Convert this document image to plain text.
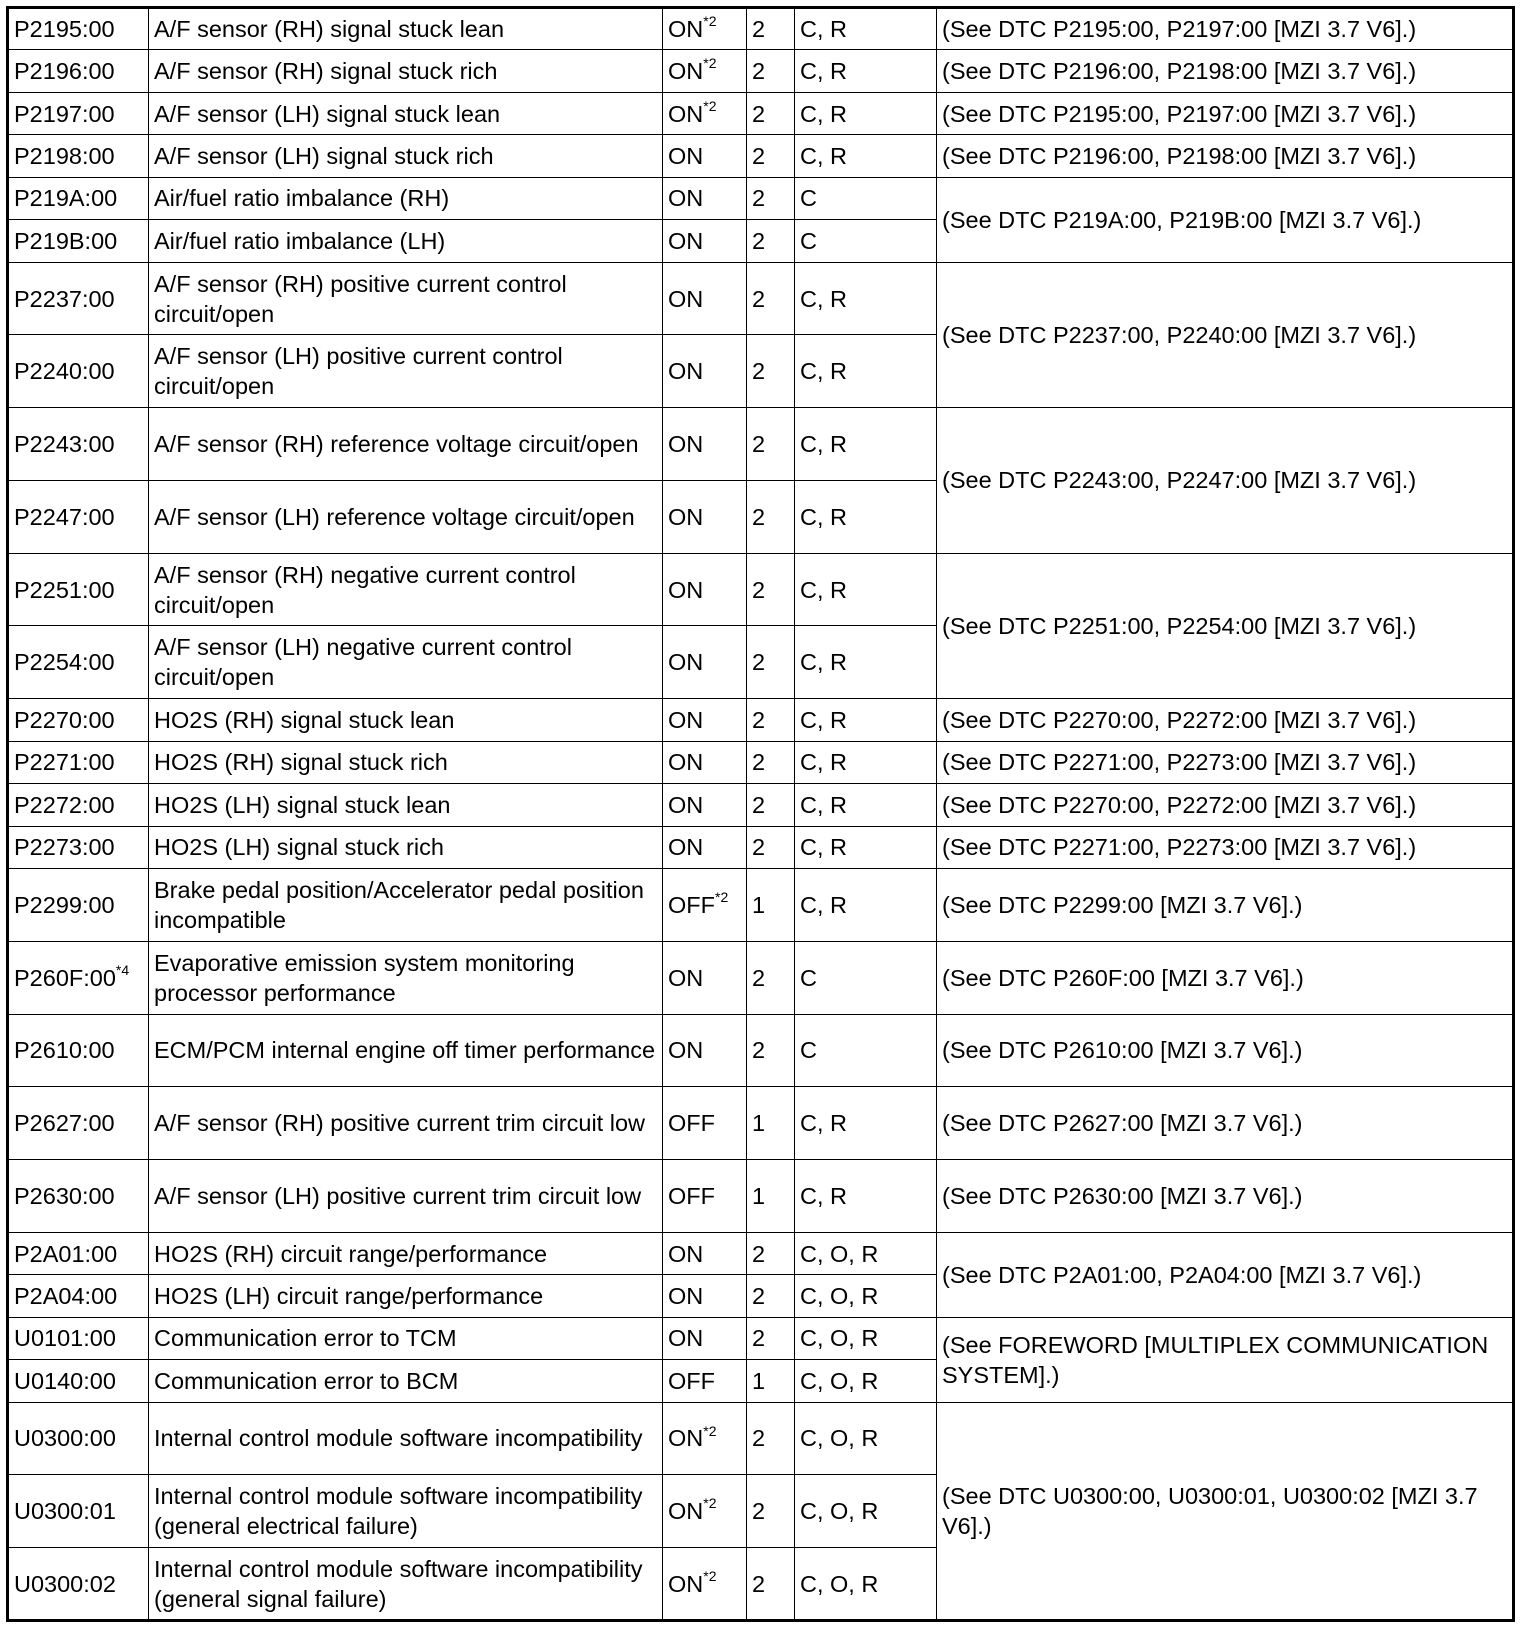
P2195:00	A/F sensor (RH) signal stuck lean	ON$^{*2}$	2	C, R	(See DTC P2195:00, P2197:00 [MZI 3.7 V6].)
P2196:00	A/F sensor (RH) signal stuck rich	ON$^{*2}$	2	C, R	(See DTC P2196:00, P2198:00 [MZI 3.7 V6].)
P2197:00	A/F sensor (LH) signal stuck lean	ON$^{*2}$	2	C, R	(See DTC P2195:00, P2197:00 [MZI 3.7 V6].)
P2198:00	A/F sensor (LH) signal stuck rich	ON	2	C, R	(See DTC P2196:00, P2198:00 [MZI 3.7 V6].)
P219A:00	Air/fuel ratio imbalance (RH)	ON	2	C	(See DTC P219A:00, P219B:00 [MZI 3.7 V6].)
P219B:00	Air/fuel ratio imbalance (LH)	ON	2	C	
P2237:00	A/F sensor (RH) positive current control circuit/open	ON	2	C, R	(See DTC P2237:00, P2240:00 [MZI 3.7 V6].)
P2240:00	A/F sensor (LH) positive current control circuit/open	ON	2	C, R	
P2243:00	A/F sensor (RH) reference voltage circuit/open	ON	2	C, R	(See DTC P2243:00, P2247:00 [MZI 3.7 V6].)
P2247:00	A/F sensor (LH) reference voltage circuit/open	ON	2	C, R	
P2251:00	A/F sensor (RH) negative current control circuit/open	ON	2	C, R	(See DTC P2251:00, P2254:00 [MZI 3.7 V6].)
P2254:00	A/F sensor (LH) negative current control circuit/open	ON	2	C, R	
P2270:00	HO2S (RH) signal stuck lean	ON	2	C, R	(See DTC P2270:00, P2272:00 [MZI 3.7 V6].)
P2271:00	HO2S (RH) signal stuck rich	ON	2	C, R	(See DTC P2271:00, P2273:00 [MZI 3.7 V6].)
P2272:00	HO2S (LH) signal stuck lean	ON	2	C, R	(See DTC P2270:00, P2272:00 [MZI 3.7 V6].)
P2273:00	HO2S (LH) signal stuck rich	ON	2	C, R	(See DTC P2271:00, P2273:00 [MZI 3.7 V6].)
P2299:00	Brake pedal position/Accelerator pedal position incompatible	OFF$^{*2}$	1	C, R	(See DTC P2299:00 [MZI 3.7 V6].)
P260F:00$^{*4}$	Evaporative emission system monitoring processor performance	ON	2	C	(See DTC P260F:00 [MZI 3.7 V6].)
P2610:00	ECM/PCM internal engine off timer performance	ON	2	C	(See DTC P2610:00 [MZI 3.7 V6].)
P2627:00	A/F sensor (RH) positive current trim circuit low	OFF	1	C, R	(See DTC P2627:00 [MZI 3.7 V6].)
P2630:00	A/F sensor (LH) positive current trim circuit low	OFF	1	C, R	(See DTC P2630:00 [MZI 3.7 V6].)
P2A01:00	HO2S (RH) circuit range/performance	ON	2	C, O, R	(See DTC P2A01:00, P2A04:00 [MZI 3.7 V6].)
P2A04:00	HO2S (LH) circuit range/performance	ON	2	C, O, R	
U0101:00	Communication error to TCM	ON	2	C, O, R	(See FOREWORD [MULTIPLEX COMMUNICATION SYSTEM].)
U0140:00	Communication error to BCM	OFF	1	C, O, R	
U0300:00	Internal control module software incompatibility	ON$^{*2}$	2	C, O, R	(See DTC U0300:00, U0300:01, U0300:02 [MZI 3.7 V6].)
U0300:01	Internal control module software incompatibility (general electrical failure)	ON$^{*2}$	2	C, O, R	
U0300:02	Internal control module software incompatibility (general signal failure)	ON$^{*2}$	2	C, O, R	
